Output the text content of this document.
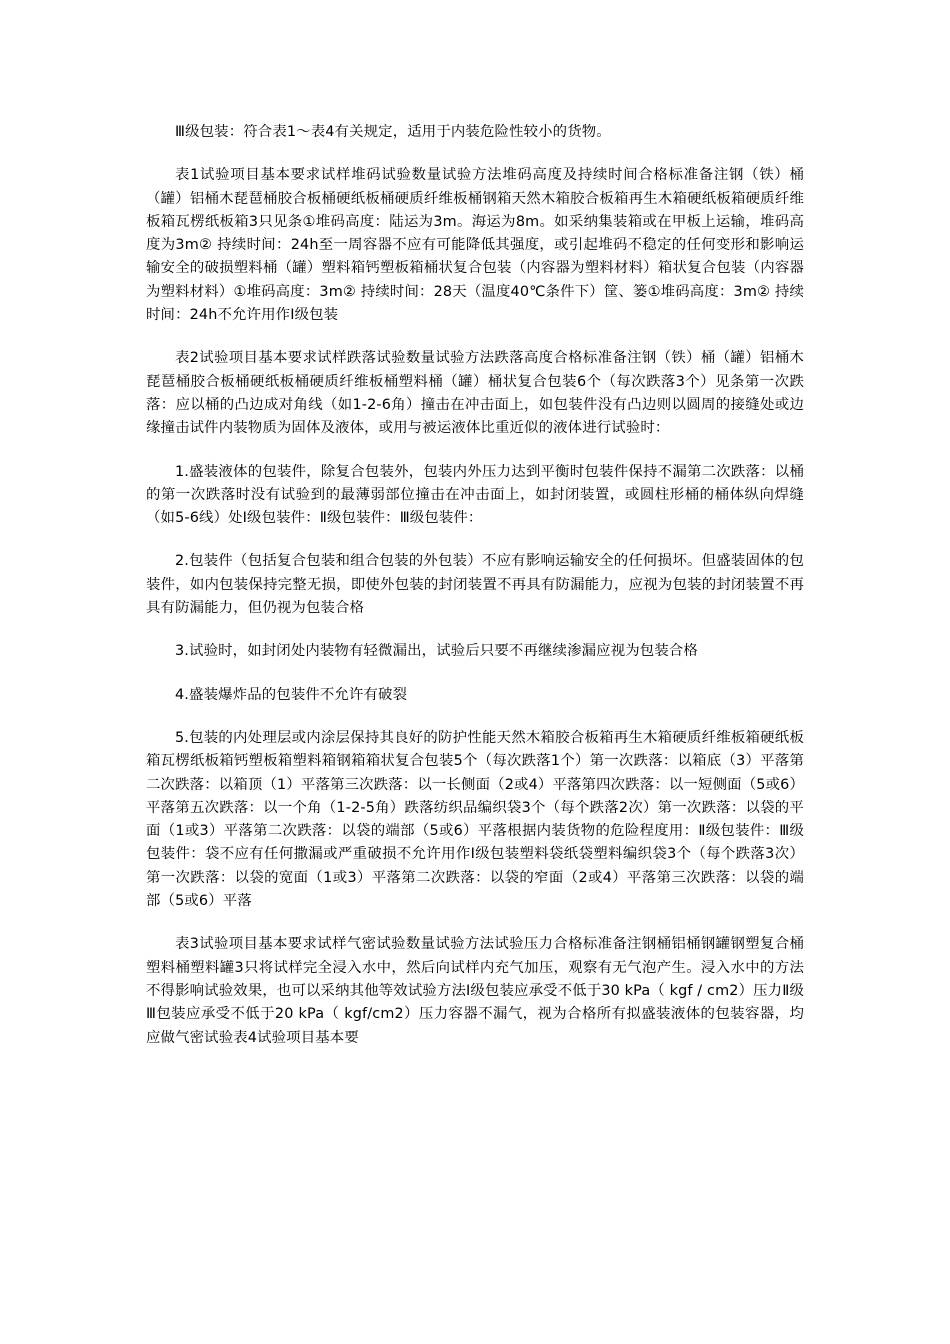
Ⅲ级包装：符合表1～表4有关规定，适用于内装危险性较小的货物。

表1试验项目基本要求试样堆码试验数量试验方法堆码高度及持续时间合格标准备注钢（铁）桶（罐）铝桶木琵琶桶胶合板桶硬纸板桶硬质纤维板桶钢箱天然木箱胶合板箱再生木箱硬纸板箱硬质纤维板箱瓦楞纸板箱3只见条①堆码高度：陆运为3m。海运为8m。如采纳集装箱或在甲板上运输，堆码高度为3m② 持续时间：24h至一周容器不应有可能降低其强度，或引起堆码不稳定的任何变形和影响运输安全的破损塑料桶（罐）塑料箱钙塑板箱桶状复合包装（内容器为塑料材料）箱状复合包装（内容器为塑料材料）①堆码高度：3m② 持续时间：28天（温度40℃条件下）筐、篓①堆码高度：3m② 持续时间：24h不允许用作Ⅰ级包装

表2试验项目基本要求试样跌落试验数量试验方法跌落高度合格标准备注钢（铁）桶（罐）铝桶木琵琶桶胶合板桶硬纸板桶硬质纤维板桶塑料桶（罐）桶状复合包装6个（每次跌落3个）见条第一次跌落：应以桶的凸边成对角线（如1-2-6角）撞击在冲击面上，如包装件没有凸边则以圆周的接缝处或边缘撞击试件内装物质为固体及液体，或用与被运液体比重近似的液体进行试验时：

1.盛装液体的包装件，除复合包装外，包装内外压力达到平衡时包装件保持不漏第二次跌落：以桶的第一次跌落时没有试验到的最薄弱部位撞击在冲击面上，如封闭装置，或圆柱形桶的桶体纵向焊缝（如5-6线）处Ⅰ级包装件：Ⅱ级包装件：Ⅲ级包装件：

2.包装件（包括复合包装和组合包装的外包装）不应有影响运输安全的任何损坏。但盛装固体的包装件，如内包装保持完整无损，即使外包装的封闭装置不再具有防漏能力，应视为包装的封闭装置不再具有防漏能力，但仍视为包装合格

3.试验时，如封闭处内装物有轻微漏出，试验后只要不再继续渗漏应视为包装合格

4.盛装爆炸品的包装件不允许有破裂

5.包装的内处理层或内涂层保持其良好的防护性能天然木箱胶合板箱再生木箱硬质纤维板箱硬纸板箱瓦楞纸板箱钙塑板箱塑料箱钢箱箱状复合包装5个（每次跌落1个）第一次跌落：以箱底（3）平落第二次跌落：以箱顶（1）平落第三次跌落：以一长侧面（2或4）平落第四次跌落：以一短侧面（5或6）平落第五次跌落：以一个角（1-2-5角）跌落纺织品编织袋3个（每个跌落2次）第一次跌落：以袋的平面（1或3）平落第二次跌落：以袋的端部（5或6）平落根据内装货物的危险程度用：Ⅱ级包装件：Ⅲ级包装件：袋不应有任何撒漏或严重破损不允许用作Ⅰ级包装塑料袋纸袋塑料编织袋3个（每个跌落3次）第一次跌落：以袋的宽面（1或3）平落第二次跌落：以袋的窄面（2或4）平落第三次跌落：以袋的端部（5或6）平落

表3试验项目基本要求试样气密试验数量试验方法试验压力合格标准备注钢桶铝桶钢罐钢塑复合桶塑料桶塑料罐3只将试样完全浸入水中，然后向试样内充气加压，观察有无气泡产生。浸入水中的方法不得影响试验效果，也可以采纳其他等效试验方法Ⅰ级包装应承受不低于30 kPa（ kgf / cm2）压力Ⅱ级Ⅲ包装应承受不低于20 kPa（ kgf/cm2）压力容器不漏气，视为合格所有拟盛装液体的包装容器，均应做气密试验表4试验项目基本要
